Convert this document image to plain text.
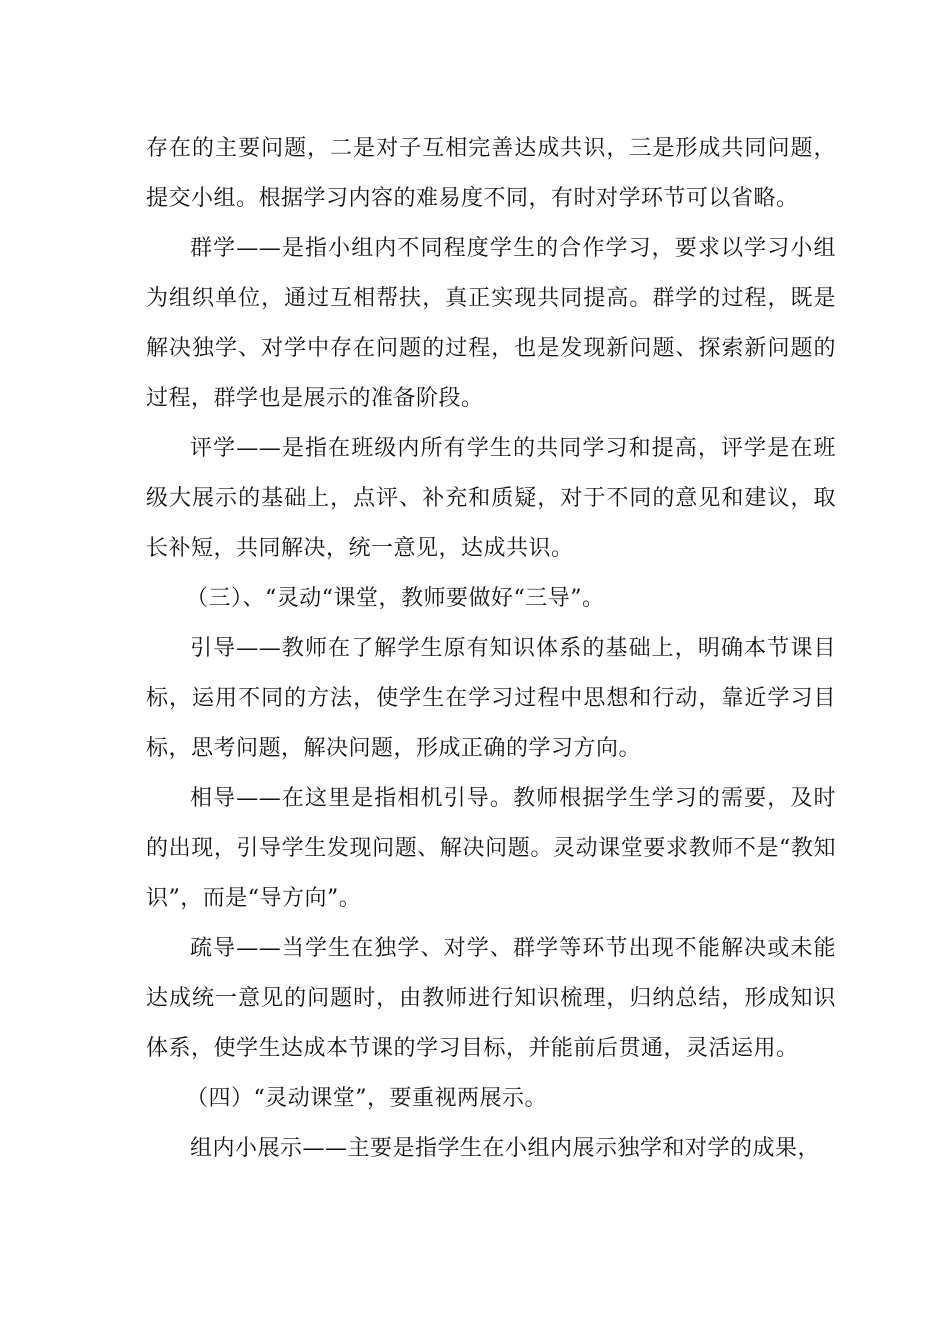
存在的主要问题，二是对子互相完善达成共识，三是形成共同问题，提交小组。根据学习内容的难易度不同，有时对学环节可以省略。

群学——是指小组内不同程度学生的合作学习，要求以学习小组为组织单位，通过互相帮扶，真正实现共同提高。群学的过程，既是解决独学、对学中存在问题的过程，也是发现新问题、探索新问题的过程，群学也是展示的准备阶段。

评学——是指在班级内所有学生的共同学习和提高，评学是在班级大展示的基础上，点评、补充和质疑，对于不同的意见和建议，取长补短，共同解决，统一意见，达成共识。

（三）、“灵动“课堂，教师要做好“三导”。

引导——教师在了解学生原有知识体系的基础上，明确本节课目标，运用不同的方法，使学生在学习过程中思想和行动，靠近学习目标，思考问题，解决问题，形成正确的学习方向。

相导——在这里是指相机引导。教师根据学生学习的需要，及时的出现，引导学生发现问题、解决问题。灵动课堂要求教师不是“教知识”，而是“导方向”。

疏导——当学生在独学、对学、群学等环节出现不能解决或未能达成统一意见的问题时，由教师进行知识梳理，归纳总结，形成知识体系，使学生达成本节课的学习目标，并能前后贯通，灵活运用。

（四）“灵动课堂”，要重视两展示。

组内小展示——主要是指学生在小组内展示独学和对学的成果，
